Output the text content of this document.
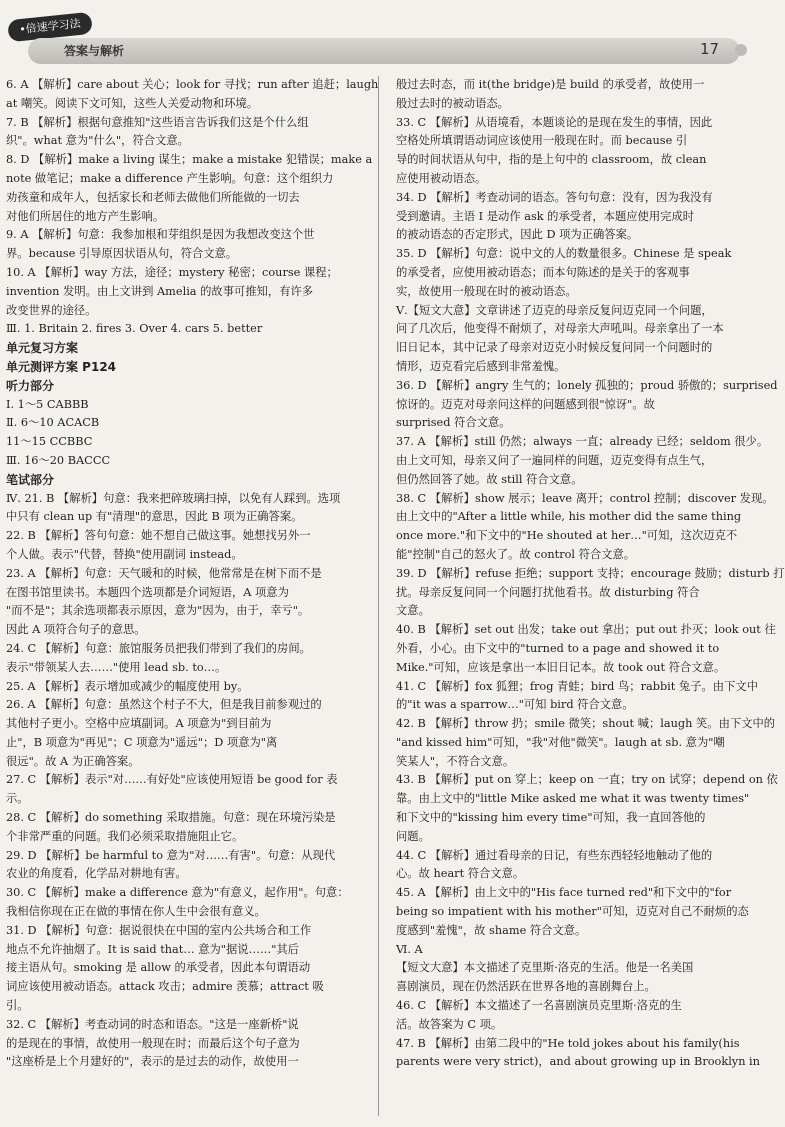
•倍速学习法
答案与解析	17
6. A 【解析】care about 关心；look for 寻找；run after 追赶；laugh
at 嘲笑。阅读下文可知，这些人关爱动物和环境。
7. B 【解析】根据句意推知"这些语言告诉我们这是个什么组
织"。what 意为"什么"，符合文意。
8. D 【解析】make a living 谋生；make a mistake 犯错误；make a
note 做笔记；make a difference 产生影响。句意：这个组织力
劝孩童和成年人，包括家长和老师去做他们所能做的一切去
对他们所居住的地方产生影响。
9. A 【解析】句意：我参加根和芽组织是因为我想改变这个世
界。because 引导原因状语从句，符合文意。
10. A 【解析】way 方法，途径；mystery 秘密；course 课程；
invention 发明。由上文讲到 Amelia 的故事可推知，有许多
改变世界的途径。
Ⅲ. 1. Britain 2. fires 3. Over 4. cars 5. better
单元复习方案
单元测评方案 P124
听力部分
Ⅰ. 1～5 CABBB
Ⅱ. 6～10 ACACB
11～15 CCBBC
Ⅲ. 16～20 BACCC
笔试部分
Ⅳ. 21. B 【解析】句意：我来把碎玻璃扫掉，以免有人踩到。选项
中只有 clean up 有"清理"的意思，因此 B 项为正确答案。
22. B 【解析】答句句意：她不想自己做这事。她想找另外一
个人做。表示"代替，替换"使用副词 instead。
23. A 【解析】句意：天气暖和的时候，他常常是在树下而不是
在图书馆里读书。本题四个选项都是介词短语，A 项意为
"而不是"；其余选项都表示原因，意为"因为，由于，幸亏"。
因此 A 项符合句子的意思。
24. C 【解析】句意：旅馆服务员把我们带到了我们的房间。
表示"带领某人去……"使用 lead sb. to…。
25. A 【解析】表示增加或减少的幅度使用 by。
26. A 【解析】句意：虽然这个村子不大，但是我目前参观过的
其他村子更小。空格中应填副词。A 项意为"到目前为
止"，B 项意为"再见"；C 项意为"遥远"；D 项意为"离
很远"。故 A 为正确答案。
27. C 【解析】表示"对……有好处"应该使用短语 be good for 表
示。
28. C 【解析】do something 采取措施。句意：现在环境污染是
个非常严重的问题。我们必须采取措施阻止它。
29. D 【解析】be harmful to 意为"对……有害"。句意：从现代
农业的角度看，化学品对耕地有害。
30. C 【解析】make a difference 意为"有意义，起作用"。句意：
我相信你现在正在做的事情在你人生中会很有意义。
31. D 【解析】句意：据说很快在中国的室内公共场合和工作
地点不允许抽烟了。It is said that… 意为"据说……"其后
接主语从句。smoking 是 allow 的承受者，因此本句谓语动
词应该使用被动语态。attack 攻击；admire 羡慕；attract 吸
引。
32. C 【解析】考查动词的时态和语态。"这是一座新桥"说
的是现在的事情，故使用一般现在时；而最后这个句子意为
"这座桥是上个月建好的"，表示的是过去的动作，故使用一
般过去时态，而 it(the bridge)是 build 的承受者，故使用一
般过去时的被动语态。
33. C 【解析】从语境看，本题谈论的是现在发生的事情，因此
空格处所填谓语动词应该使用一般现在时。而 because 引
导的时间状语从句中，指的是上句中的 classroom，故 clean
应使用被动语态。
34. D 【解析】考查动词的语态。答句句意：没有，因为我没有
受到邀请。主语 I 是动作 ask 的承受者，本题应使用完成时
的被动语态的否定形式，因此 D 项为正确答案。
35. D 【解析】句意：说中文的人的数量很多。Chinese 是 speak
的承受者，应使用被动语态；而本句陈述的是关于的客观事
实，故使用一般现在时的被动语态。
Ⅴ.【短文大意】文章讲述了迈克的母亲反复问迈克同一个问题，
问了几次后，他变得不耐烦了，对母亲大声吼叫。母亲拿出了一本
旧日记本，其中记录了母亲对迈克小时候反复问同一个问题时的
情形，迈克看完后感到非常羞愧。
36. D 【解析】angry 生气的；lonely 孤独的；proud 骄傲的；surprised
惊讶的。迈克对母亲问这样的问题感到很"惊讶"。故
surprised 符合文意。
37. A 【解析】still 仍然；always 一直；already 已经；seldom 很少。
由上文可知，母亲又问了一遍同样的问题，迈克变得有点生气，
但仍然回答了她。故 still 符合文意。
38. C 【解析】show 展示；leave 离开；control 控制；discover 发现。
由上文中的"After a little while, his mother did the same thing
once more."和下文中的"He shouted at her…"可知，这次迈克不
能"控制"自己的怒火了。故 control 符合文意。
39. D 【解析】refuse 拒绝；support 支持；encourage 鼓励；disturb 打
扰。母亲反复问同一个问题打扰他看书。故 disturbing 符合
文意。
40. B 【解析】set out 出发；take out 拿出；put out 扑灭；look out 往
外看，小心。由下文中的"turned to a page and showed it to
Mike."可知，应该是拿出一本旧日记本。故 took out 符合文意。
41. C 【解析】fox 狐狸；frog 青蛙；bird 鸟；rabbit 兔子。由下文中
的"it was a sparrow…"可知 bird 符合文意。
42. B 【解析】throw 扔；smile 微笑；shout 喊；laugh 笑。由下文中的
"and kissed him"可知，"我"对他"微笑"。laugh at sb. 意为"嘲
笑某人"，不符合文意。
43. B 【解析】put on 穿上；keep on 一直；try on 试穿；depend on 依
靠。由上文中的"little Mike asked me what it was twenty times"
和下文中的"kissing him every time"可知，我一直回答他的
问题。
44. C 【解析】通过看母亲的日记，有些东西轻轻地触动了他的
心。故 heart 符合文意。
45. A 【解析】由上文中的"His face turned red"和下文中的"for
being so impatient with his mother"可知，迈克对自己不耐烦的态
度感到"羞愧"，故 shame 符合文意。
Ⅵ. A
【短文大意】本文描述了克里斯·洛克的生活。他是一名美国
喜剧演员，现在仍然活跃在世界各地的喜剧舞台上。
46. C 【解析】本文描述了一名喜剧演员克里斯·洛克的生
活。故答案为 C 项。
47. B 【解析】由第二段中的"He told jokes about his family(his
parents were very strict)，and about growing up in Brooklyn in
